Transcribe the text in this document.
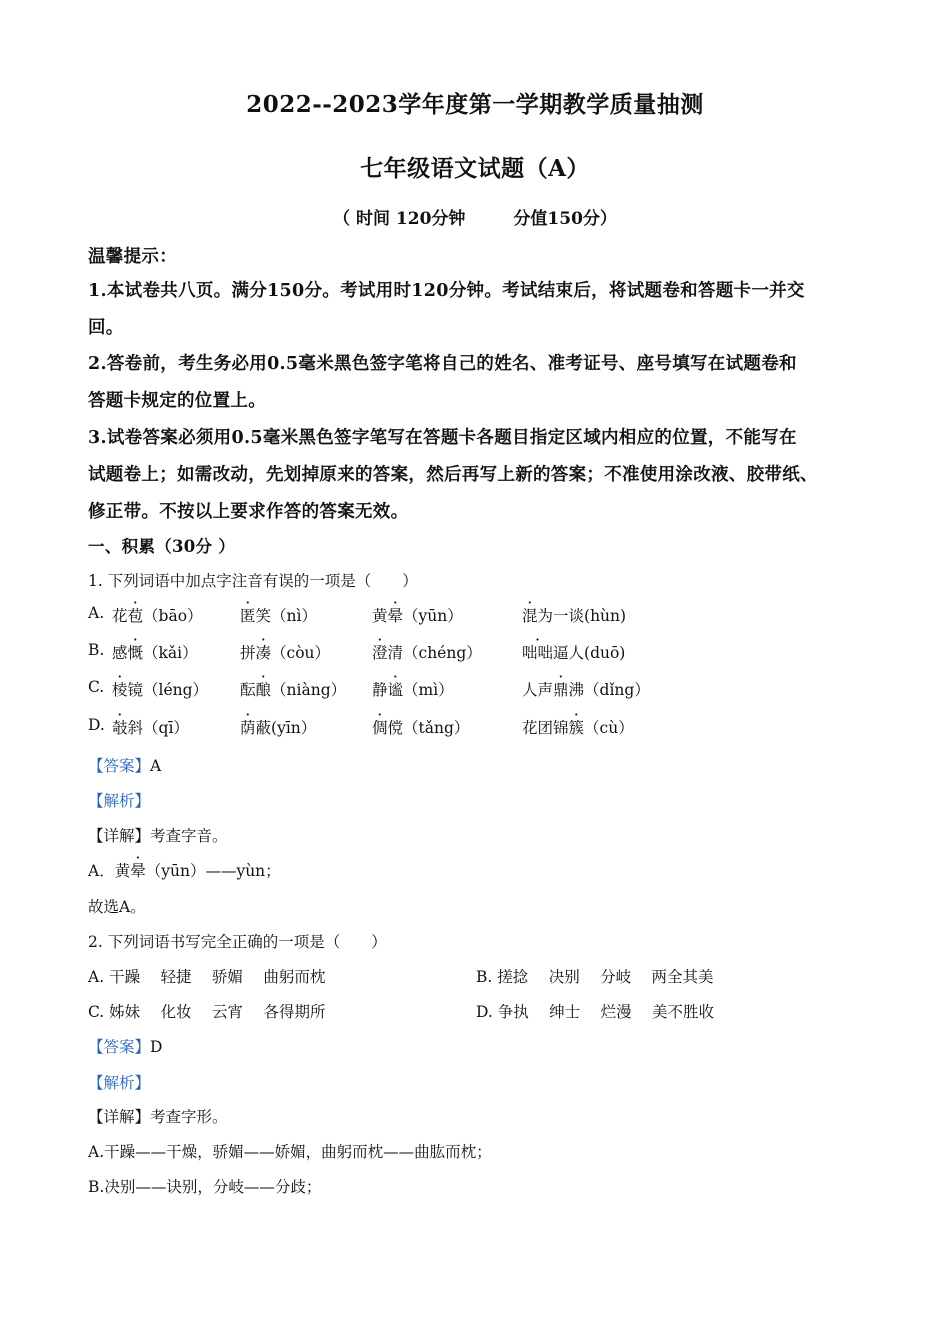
2022--2023学年度第一学期教学质量抽测
七年级语文试题（A）
（ 时间 120分钟	分值150分）
温馨提示：
1.本试卷共八页。满分150分。考试用时120分钟。考试结束后，将试题卷和答题卡一并交
回。
2.答卷前，考生务必用0.5毫米黑色签字笔将自己的姓名、准考证号、座号填写在试题卷和
答题卡规定的位置上。
3.试卷答案必须用0.5毫米黑色签字笔写在答题卡各题目指定区域内相应的位置，不能写在
试题卷上；如需改动，先划掉原来的答案，然后再写上新的答案；不准使用涂改液、胶带纸、
修正带。不按以上要求作答的答案无效。
一、积累（30分 ）
1. 下列词语中加点字注音有误的一项是（　　）
A. 花苞（bāo） 匿笑（nì）	黄晕（yūn）	混为一谈(hùn)
B. 感慨（kǎi）	拼凑（còu）	澄清（chéng）	咄咄逼人(duō)
C. 棱镜（léng） 酝酿（niàng） 静谧（mì）	人声鼎沸（dǐng）
D. 攲斜（qī）	荫蔽(yīn）	倜傥（tǎng）	花团锦簇（cù）
【答案】A
【解析】
【详解】考查字音。
A．黄晕（yūn）——yùn；
故选A。
2. 下列词语书写完全正确的一项是（　　）
A. 干躁　 轻捷　 骄媚　 曲躬而枕	B. 搓捻　 决别　 分岐　 两全其美
C. 姊妹　 化妆　 云宵　 各得期所	D. 争执　 绅士　 烂漫　 美不胜收
【答案】D
【解析】
【详解】考查字形。
A.干躁——干燥，骄媚——娇媚，曲躬而枕——曲肱而枕；
B.决别——诀别，分岐——分歧；
